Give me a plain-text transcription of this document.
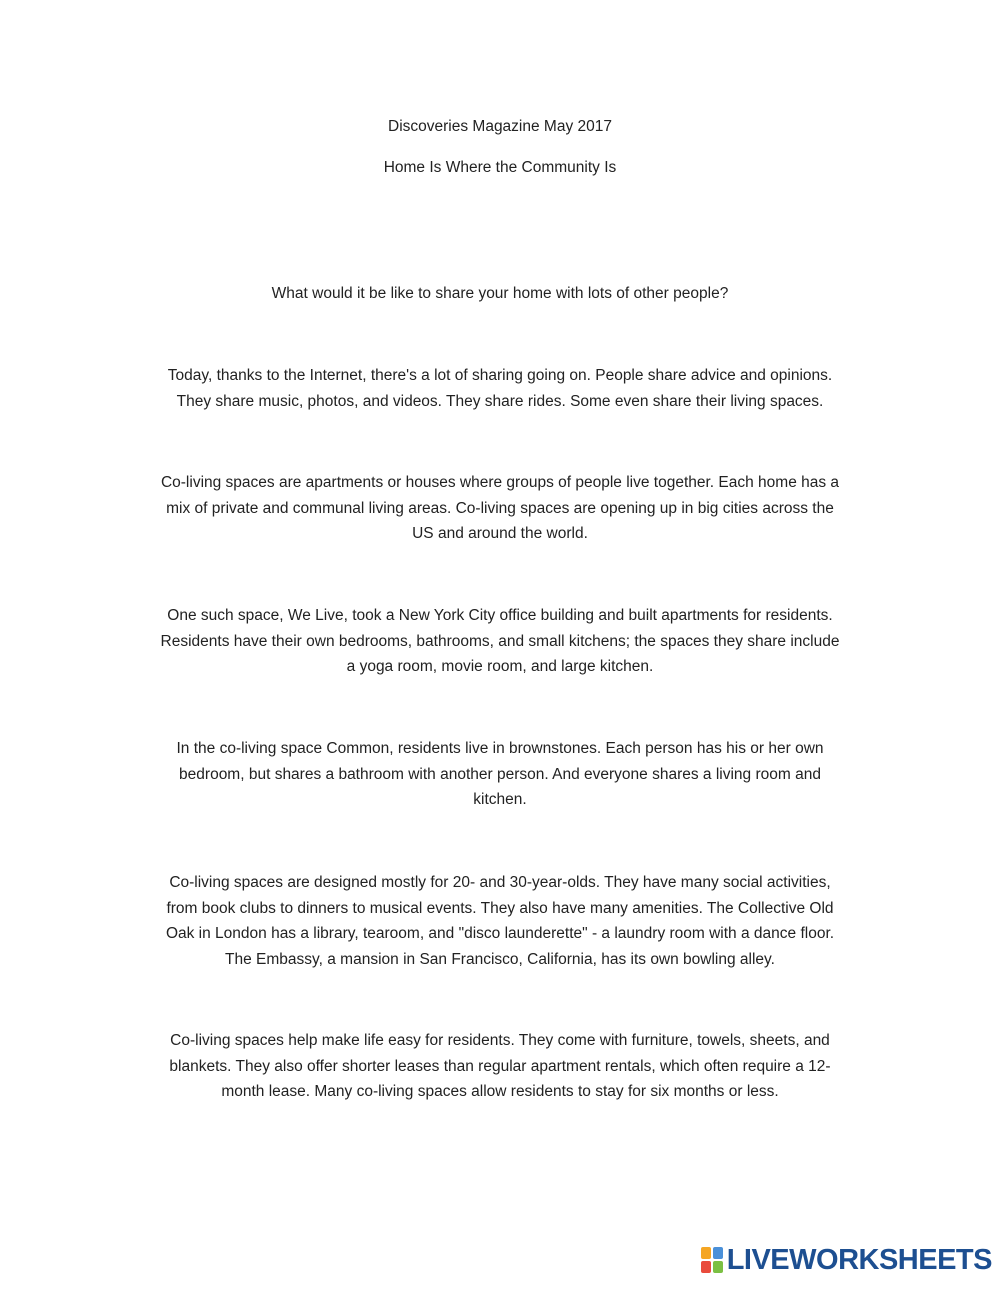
Discoveries Magazine May 2017
Home Is Where the Community Is
What would it be like to share your home with lots of other people?

Today, thanks to the Internet, there's a lot of sharing going on. People share advice and opinions.

They share music, photos, and videos. They share rides. Some even share their living spaces.

Co-living spaces are apartments or houses where groups of people live together. Each home has a

mix of private and communal living areas. Co-living spaces are opening up in big cities across the

US and around the world.

One such space, We Live, took a New York City office building and built apartments for residents.

Residents have their own bedrooms, bathrooms, and small kitchens; the spaces they share include

a yoga room, movie room, and large kitchen.

In the co-living space Common, residents live in brownstones. Each person has his or her own

bedroom, but shares a bathroom with another person. And everyone shares a living room and

kitchen.

Co-living spaces are designed mostly for 20- and 30-year-olds. They have many social activities,

from book clubs to dinners to musical events. They also have many amenities. The Collective Old

Oak in London has a library, tearoom, and "disco launderette" - a laundry room with a dance floor.

The Embassy, a mansion in San Francisco, California, has its own bowling alley.

Co-living spaces help make life easy for residents. They come with furniture, towels, sheets, and

blankets. They also offer shorter leases than regular apartment rentals, which often require a 12-

month lease. Many co-living spaces allow residents to stay for six months or less.

LIVEWORKSHEETS
